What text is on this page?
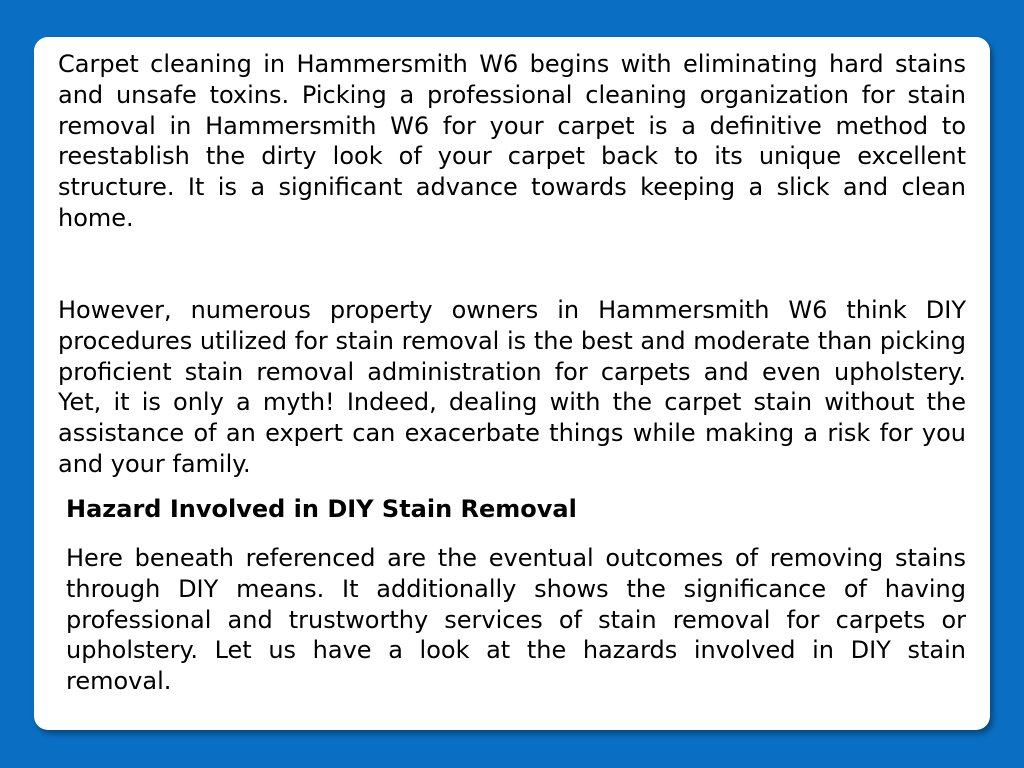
Carpet cleaning in Hammersmith W6 begins with eliminating hard stains and unsafe toxins. Picking a professional cleaning organization for stain removal in Hammersmith W6 for your carpet is a definitive method to reestablish the dirty look of your carpet back to its unique excellent structure. It is a significant advance towards keeping a slick and clean home.

However, numerous property owners in Hammersmith W6 think DIY procedures utilized for stain removal is the best and moderate than picking proficient stain removal administration for carpets and even upholstery. Yet, it is only a myth! Indeed, dealing with the carpet stain without the assistance of an expert can exacerbate things while making a risk for you and your family.

Hazard Involved in DIY Stain Removal

Here beneath referenced are the eventual outcomes of removing stains through DIY means. It additionally shows the significance of having professional and trustworthy services of stain removal for carpets or upholstery. Let us have a look at the hazards involved in DIY stain removal.
